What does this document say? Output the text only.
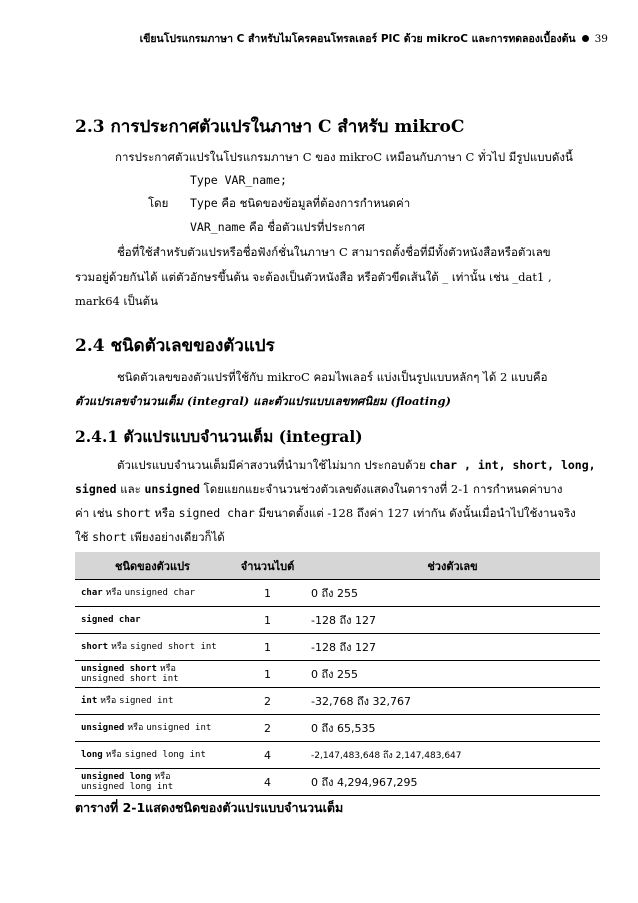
เขียนโปรแกรมภาษา C สำหรับไมโครคอนโทรลเลอร์ PIC ด้วย mikroC และการทดลองเบื้องต้น 39
2.3 การประกาศตัวแปรในภาษา C สำหรับ mikroC
การประกาศตัวแปรในโปรแกรมภาษา C ของ mikroC เหมือนกับภาษา C ทั่วไป มีรูปแบบดังนี้
Type VAR_name;
โดย Type คือ ชนิดของข้อมูลที่ต้องการกำหนดค่า
VAR_name คือ ชื่อตัวแปรที่ประกาศ
ชื่อที่ใช้สำหรับตัวแปรหรือชื่อฟังก์ชั่นในภาษา C สามารถตั้งชื่อที่มีทั้งตัวหนังสือหรือตัวเลข
รวมอยู่ด้วยกันได้ แต่ตัวอักษรขึ้นต้น จะต้องเป็นตัวหนังสือ หรือตัวขีดเส้นใต้ _ เท่านั้น เช่น _dat1 ,
mark64 เป็นต้น
2.4 ชนิดตัวเลขของตัวแปร
ชนิดตัวเลขของตัวแปรที่ใช้กับ mikroC คอมไพเลอร์ แบ่งเป็นรูปแบบหลักๆ ได้ 2 แบบคือ
ตัวแปรเลขจำนวนเต็ม (integral) และตัวแปรแบบเลขทศนิยม (floating)
2.4.1 ตัวแปรแบบจำนวนเต็ม (integral)
ตัวแปรแบบจำนวนเต็มมีค่าสงวนที่นำมาใช้ไม่มาก ประกอบด้วย char , int, short, long,
signed และ unsigned โดยแยกแยะจำนวนช่วงตัวเลขดังแสดงในตารางที่ 2-1 การกำหนดค่าบาง
ค่า เช่น short หรือ signed char มีขนาดตั้งแต่ -128 ถึงค่า 127 เท่ากัน ดังนั้นเมื่อนำไปใช้งานจริง
ใช้ short เพียงอย่างเดียวก็ได้
ชนิดของตัวแปร	จำนวนไบต์	ช่วงตัวเลข
char หรือ unsigned char	1	0 ถึง 255
signed char	1	-128 ถึง 127
short หรือ signed short int	1	-128 ถึง 127
unsigned short หรือ
unsigned short int	1	0 ถึง 255
int หรือ signed int	2	-32,768 ถึง 32,767
unsigned หรือ unsigned int	2	0 ถึง 65,535
long หรือ signed long int	4	-2,147,483,648 ถึง 2,147,483,647
unsigned long หรือ
unsigned long int	4	0 ถึง 4,294,967,295
ตารางที่ 2-1แสดงชนิดของตัวแปรแบบจำนวนเต็ม
